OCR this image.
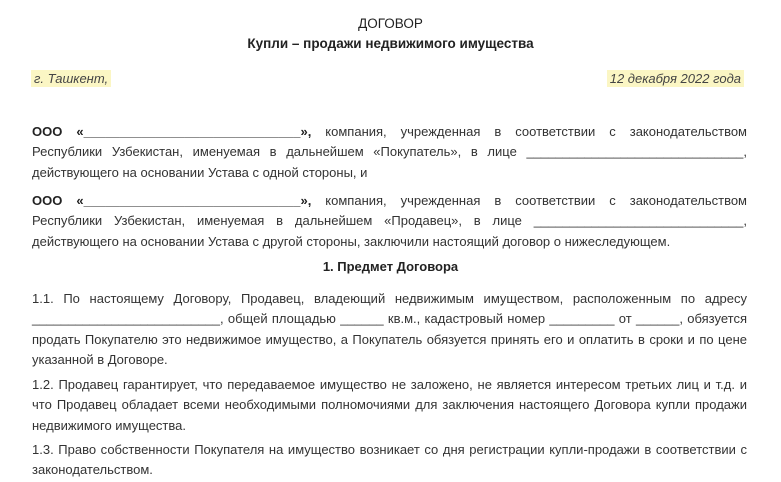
ДОГОВОР
Купли – продажи недвижимого имущества
г. Ташкент,	12 декабря 2022 года

ООО «______________________________», компания, учрежденная в соответствии с законодательством Республики Узбекистан, именуемая в дальнейшем «Покупатель», в лице ______________________________, действующего на основании Устава с одной стороны, и

ООО «______________________________», компания, учрежденная в соответствии с законодательством Республики Узбекистан, именуемая в дальнейшем «Продавец», в лице _____________________________, действующего на основании Устава с другой стороны, заключили настоящий договор о нижеследующем.

1. Предмет Договора

1.1. По настоящему Договору, Продавец, владеющий недвижимым имуществом, расположенным по адресу __________________________, общей площадью ______ кв.м., кадастровый номер _________ от ______, обязуется продать Покупателю это недвижимое имущество, а Покупатель обязуется принять его и оплатить в сроки и по цене указанной в Договоре.

1.2. Продавец гарантирует, что передаваемое имущество не заложено, не является интересом третьих лиц и т.д. и что Продавец обладает всеми необходимыми полномочиями для заключения настоящего Договора купли продажи недвижимого имущества.

1.3. Право собственности Покупателя на имущество возникает со дня регистрации купли-продажи в соответствии с законодательством.
